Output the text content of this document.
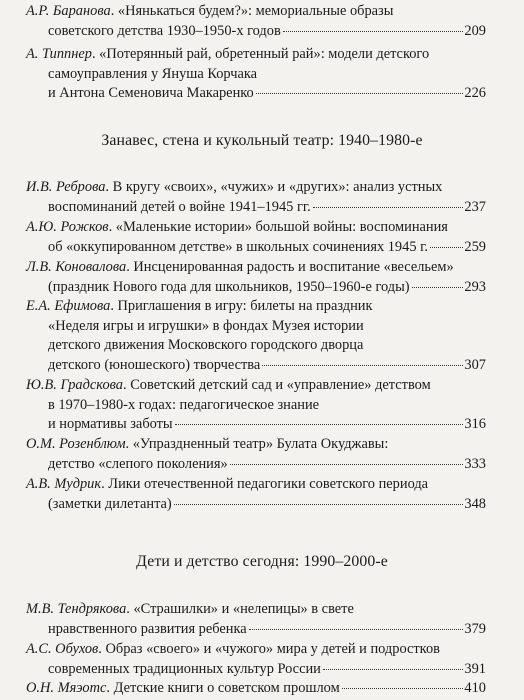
А.Р. Баранова. «Нянькаться будем?»: мемориальные образы
советского детства 1930–1950-х годов	209
А. Типпнер. «Потерянный рай, обретенный рай»: модели детского
самоуправления у Януша Корчака
и Антона Семеновича Макаренко	226
Занавес, стена и кукольный театр: 1940–1980-е
И.В. Реброва. В кругу «своих», «чужих» и «других»: анализ устных
воспоминаний детей о войне 1941–1945 гг.	237
А.Ю. Рожков. «Маленькие истории» большой войны: воспоминания
об «оккупированном детстве» в школьных сочинениях 1945 г.	259
Л.В. Коновалова. Инсценированная радость и воспитание «весельем»
(праздник Нового года для школьников, 1950–1960-е годы)	293
Е.А. Ефимова. Приглашения в игру: билеты на праздник
«Неделя игры и игрушки» в фондах Музея истории
детского движения Московского городского дворца
детского (юношеского) творчества	307
Ю.В. Градскова. Советский детский сад и «управление» детством
в 1970–1980-х годах: педагогическое знание
и нормативы заботы	316
О.М. Розенблюм. «Упраздненный театр» Булата Окуджавы:
детство «слепого поколения»	333
А.В. Мудрик. Лики отечественной педагогики советского периода
(заметки дилетанта)	348
Дети и детство сегодня: 1990–2000-е
М.В. Тендрякова. «Страшилки» и «нелепицы» в свете
нравственного развития ребенка	379
А.С. Обухов. Образ «своего» и «чужого» мира у детей и подростков
современных традиционных культур России	391
О.Н. Мяэотс. Детские книги о советском прошлом	410
